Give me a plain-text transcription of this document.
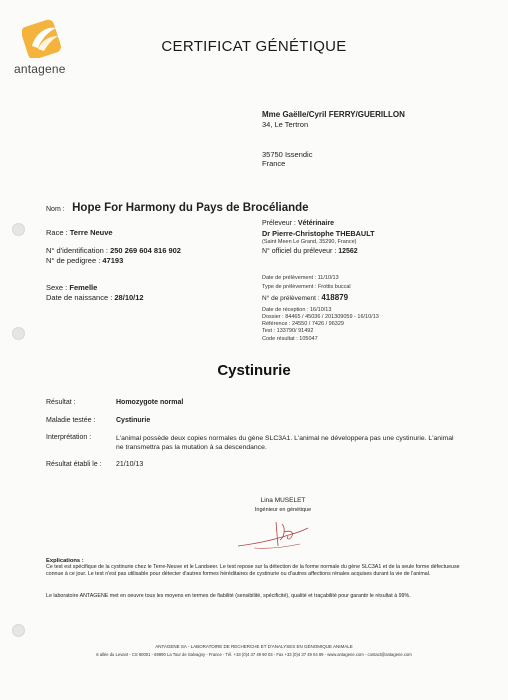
antagene
CERTIFICAT GÉNÉTIQUE
Mme Gaëlle/Cyril FERRY/GUERILLON
34, Le Tertron
35750 Issendic
France
Nom : Hope For Harmony du Pays de Brocéliande
Race : Terre Neuve
N° d'identification : 250 269 604 816 902
N° de pedigree : 47193
Sexe : Femelle
Date de naissance : 28/10/12
Préleveur : Vétérinaire
Dr Pierre-Christophe THEBAULT
(Saint Meen Le Grand, 35290, France)
N° officiel du préleveur : 12562
Date de prélèvement : 11/10/13
Type de prélèvement : Frottis buccal
N° de prélèvement : 418879
Date de réception : 16/10/13
Dossier : 84465 / 45036 / 201309059 - 16/10/13
Référence : 24550 / 7426 / 96329
Test : 133790/ 91492
Code résultat : 105047
Cystinurie
Résultat :	Homozygote normal
Maladie testée :	Cystinurie
Interprétation :	L'animal possède deux copies normales du gène SLC3A1. L'animal ne développera pas une cystinurie. L'animal ne transmettra pas la mutation à sa descendance.
Résultat établi le : 21/10/13
Lina MUSELET
Ingénieur en génétique
Explications :
Ce test est spécifique de la cystinurie chez le Terre-Neuve et le Landseer. Le test repose sur la détection de la forme normale du gène SLC3A1 et de la seule forme défectueuse connue à ce jour. Le test n'est pas utilisable pour détecter d'autres formes héréditaires de cystinurie ou d'autres affections rénales acquises durant la vie de l'animal.
Le laboratoire ANTAGENE met en oeuvre tous les moyens en termes de fiabilité (sensibilité, spécificité), qualité et traçabilité pour garantir le résultat à 99%.
ANTAGENE SA - LABORATOIRE DE RECHERCHE ET D'ANALYSES EN GÉNOMIQUE ANIMALE
6 allée du Levant - CS 60001 - 69890 La Tour de Salvagny - France - Tél. +33 (0)4 37 49 90 03 - Fax +33 (0)4 37 49 04 89 - www.antagene.com - contact@antagene.com
